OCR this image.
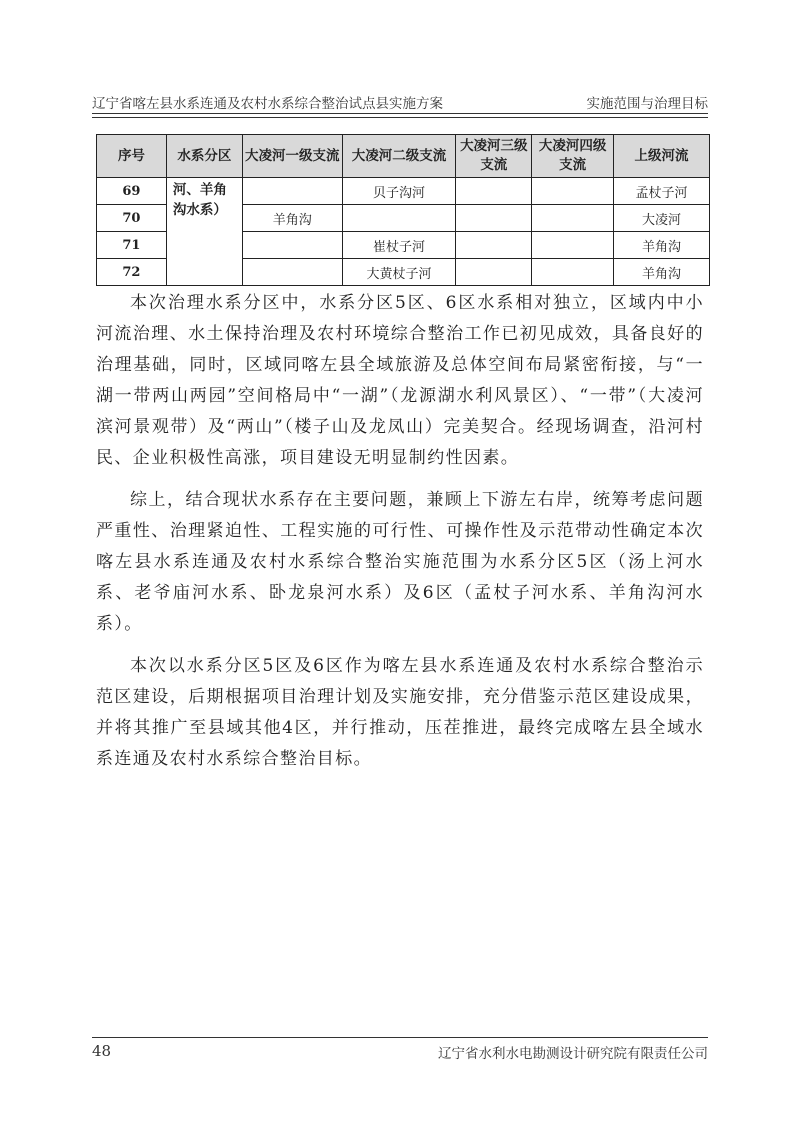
辽宁省喀左县水系连通及农村水系综合整治试点县实施方案	实施范围与治理目标
序号	水系分区	大凌河一级支流	大凌河二级支流	大凌河三级支流	大凌河四级支流	上级河流
69	河、羊角沟水系）		贝子沟河			孟杖子河
70		羊角沟				大凌河
71			崔杖子河			羊角沟
72			大黄杖子河			羊角沟

本次治理水系分区中，水系分区5区、6区水系相对独立，区域内中小河流治理、水土保持治理及农村环境综合整治工作已初见成效，具备良好的治理基础，同时，区域同喀左县全域旅游及总体空间布局紧密衔接，与“一湖一带两山两园”空间格局中“一湖”（龙源湖水利风景区）、“一带”（大凌河滨河景观带）及“两山”（楼子山及龙凤山）完美契合。经现场调查，沿河村民、企业积极性高涨，项目建设无明显制约性因素。

综上，结合现状水系存在主要问题，兼顾上下游左右岸，统筹考虑问题严重性、治理紧迫性、工程实施的可行性、可操作性及示范带动性确定本次喀左县水系连通及农村水系综合整治实施范围为水系分区5区（汤上河水系、老爷庙河水系、卧龙泉河水系）及6区（孟杖子河水系、羊角沟河水系）。

本次以水系分区5区及6区作为喀左县水系连通及农村水系综合整治示范区建设，后期根据项目治理计划及实施安排，充分借鉴示范区建设成果，并将其推广至县域其他4区，并行推动，压茬推进，最终完成喀左县全域水系连通及农村水系综合整治目标。

48	辽宁省水利水电勘测设计研究院有限责任公司
